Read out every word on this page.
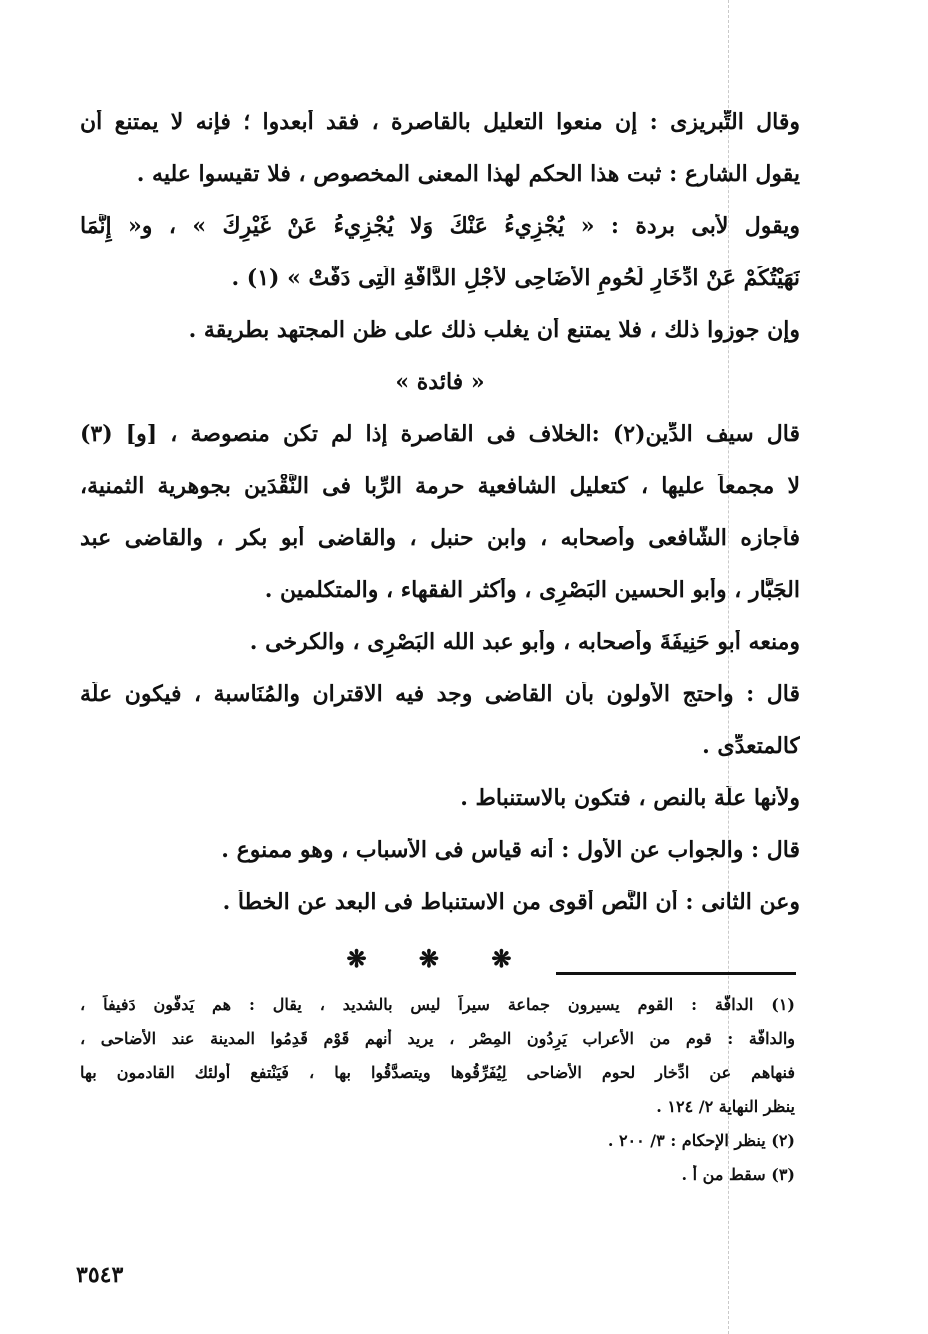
وقال التِّبريزى : إن منعوا التعليل بالقاصرة ، فقد أبعدوا ؛ فإنه لا يمتنع أن
يقول الشارع : ثبت هذا الحكم لهذا المعنى المخصوص ، فلا تقيسوا عليه .
ويقول لأبى بردة : « يُجْزِيءُ عَنْكَ وَلا يُجْزِيءُ عَنْ غَيْرِكَ » ، و« إِنَّمَا
نَهَيْتُكُمْ عَنْ ادِّخَارِ لُحُومِ الأَضَاحِى لأَجْلِ الدَّافَّةِ الَّتِى دَفَّتْ » (١) .
وإن جوزوا ذلك ، فلا يمتنع أن يغلب ذلك على ظن المجتهد بطريقة .
« فائدة »
قال سيف الدِّين(٢) :الخلاف فى القاصرة إذا لم تكن منصوصة ، [و] (٣)
لا مجمعاً عليها ، كتعليل الشافعية حرمة الرِّبا فى النَّقْدَين بجوهرية الثمنية،
فأجازه الشَّافعى وأصحابه ، وابن حنبل ، والقاضى أبو بكر ، والقاضى عبد
الجَبَّار ، وأبو الحسين البَصْرِى ، وأكثر الفقهاء ، والمتكلمين .
ومنعه أبو حَنِيفَةَ وأصحابه ، وأبو عبد الله البَصْرِى ، والكرخى .
قال : واحتج الأولون بأن القاضى وجد فيه الاقتران والمُنَاسبة ، فيكون علّة
كالمتعدِّى .
ولأنها علّة بالنص ، فتكون بالاستنباط .
قال : والجواب عن الأول : أنه قياس فى الأسباب ، وهو ممنوع .
وعن الثانى : أن النَّص أقوى من الاستنباط فى البعد عن الخطأ .
❋ ❋ ❋
(١) الدافَّة : القوم يسيرون جماعة سيراً ليس بالشديد ، يقال : هم يَدفُّون دَفيفاً ،
والدافَّة : قوم من الأعراب يَرِدُون المِصْر ، يريد أنهم قَوْم قَدِمُوا المدينة عند الأضاحى ،
فنهاهم عن ادِّخار لحوم الأضاحى لِيُفَرِّقُوها ويتصدَّقُوا بها ، فَيَنْتفع أولئك القادمون بها
ينظر النهاية ٢/ ١٢٤ .
(٢) ينظر الإحكام : ٣/ ٢٠٠ .
(٣) سقط من أ .
٣٥٤٣
